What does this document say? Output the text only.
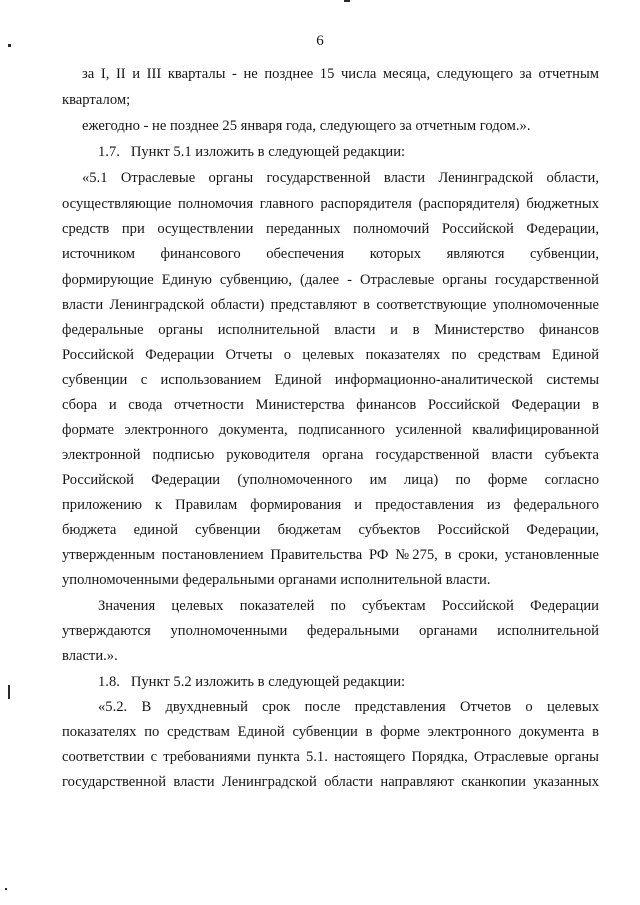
6
за I, II и III кварталы - не позднее 15 числа месяца, следующего за отчетным
кварталом;
ежегодно - не позднее 25 января года, следующего за отчетным годом.».
1.7.   Пункт 5.1 изложить в следующей редакции:
«5.1 Отраслевые органы государственной власти Ленинградской области,
осуществляющие полномочия главного распорядителя (распорядителя) бюджетных
средств при осуществлении переданных полномочий Российской Федерации,
источником финансового обеспечения которых являются субвенции,
формирующие Единую субвенцию, (далее - Отраслевые органы государственной
власти Ленинградской области) представляют в соответствующие уполномоченные
федеральные органы исполнительной власти и в Министерство финансов
Российской Федерации Отчеты о целевых показателях по средствам Единой
субвенции с использованием Единой информационно-аналитической системы
сбора и свода отчетности Министерства финансов Российской Федерации в
формате электронного документа, подписанного усиленной квалифицированной
электронной подписью руководителя органа государственной власти субъекта
Российской Федерации (уполномоченного им лица) по форме согласно
приложению к Правилам формирования и предоставления из федерального
бюджета единой субвенции бюджетам субъектов Российской Федерации,
утвержденным постановлением Правительства РФ №275, в сроки, установленные
уполномоченными федеральными органами исполнительной власти.
Значения целевых показателей по субъектам Российской Федерации
утверждаются уполномоченными федеральными органами исполнительной
власти.».
1.8.   Пункт 5.2 изложить в следующей редакции:
«5.2. В двухдневный срок после представления Отчетов о целевых
показателях по средствам Единой субвенции в форме электронного документа в
соответствии с требованиями пункта 5.1. настоящего Порядка, Отраслевые органы
государственной власти Ленинградской области направляют сканкопии указанных
